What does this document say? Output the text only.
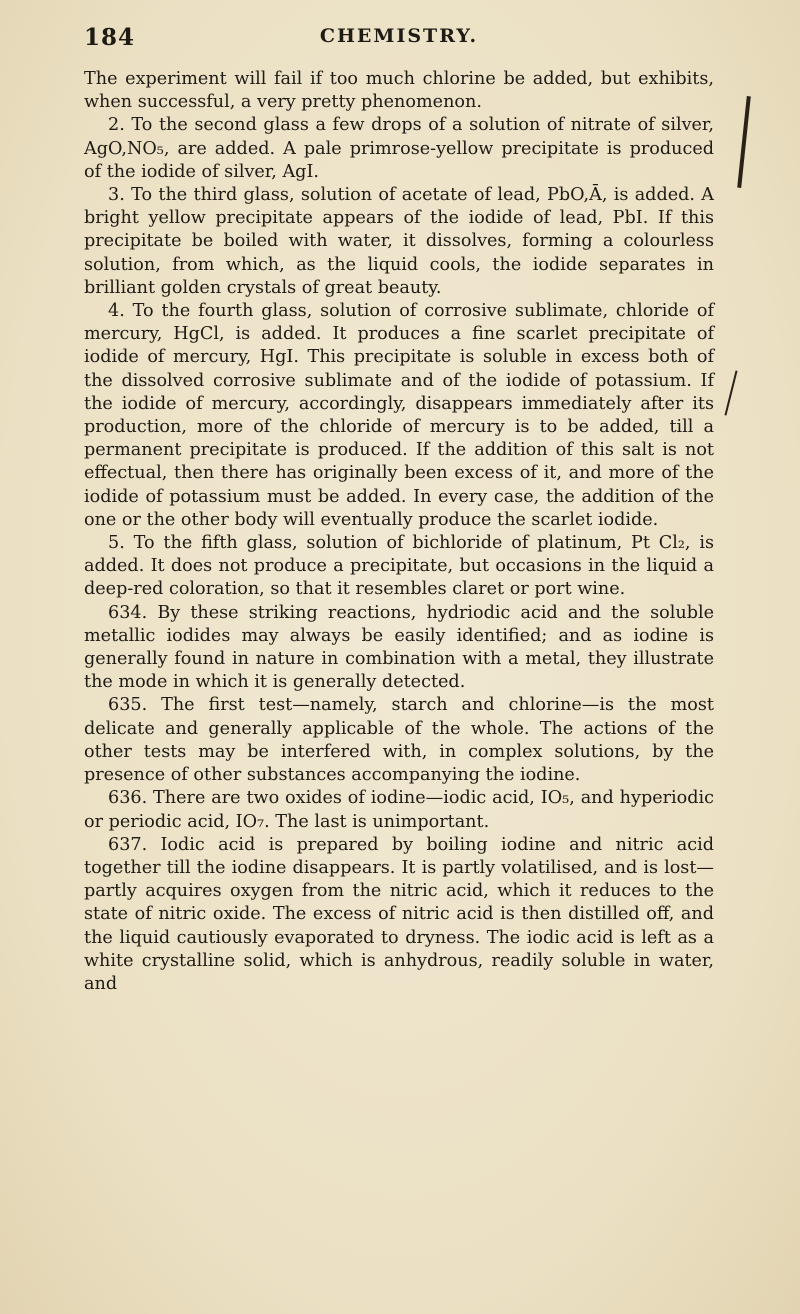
184	CHEMISTRY.

The experiment will fail if too much chlorine be added, but exhibits, when successful, a very pretty phenomenon.

2. To the second glass a few drops of a solution of nitrate of silver, AgO,NO₅, are added. A pale primrose-yellow precipitate is produced of the iodide of silver, AgI.

3. To the third glass, solution of acetate of lead, PbO,Ā, is added. A bright yellow precipitate appears of the iodide of lead, PbI. If this precipitate be boiled with water, it dissolves, forming a colourless solution, from which, as the liquid cools, the iodide separates in brilliant golden crystals of great beauty.

4. To the fourth glass, solution of corrosive sublimate, chloride of mercury, HgCl, is added. It produces a fine scarlet precipitate of iodide of mercury, HgI. This precipitate is soluble in excess both of the dissolved corrosive sublimate and of the iodide of potassium. If the iodide of mercury, accordingly, disappears immediately after its production, more of the chloride of mercury is to be added, till a permanent precipitate is produced. If the addition of this salt is not effectual, then there has originally been excess of it, and more of the iodide of potassium must be added. In every case, the addition of the one or the other body will eventually produce the scarlet iodide.

5. To the fifth glass, solution of bichloride of platinum, Pt Cl₂, is added. It does not produce a precipitate, but occasions in the liquid a deep-red coloration, so that it resembles claret or port wine.

634. By these striking reactions, hydriodic acid and the soluble metallic iodides may always be easily identified; and as iodine is generally found in nature in combination with a metal, they illustrate the mode in which it is generally detected.

635. The first test—namely, starch and chlorine—is the most delicate and generally applicable of the whole. The actions of the other tests may be interfered with, in complex solutions, by the presence of other substances accompanying the iodine.

636. There are two oxides of iodine—iodic acid, IO₅, and hyperiodic or periodic acid, IO₇. The last is unimportant.

637. Iodic acid is prepared by boiling iodine and nitric acid together till the iodine disappears. It is partly volatilised, and is lost—partly acquires oxygen from the nitric acid, which it reduces to the state of nitric oxide. The excess of nitric acid is then distilled off, and the liquid cautiously evaporated to dryness. The iodic acid is left as a white crystalline solid, which is anhydrous, readily soluble in water, and
